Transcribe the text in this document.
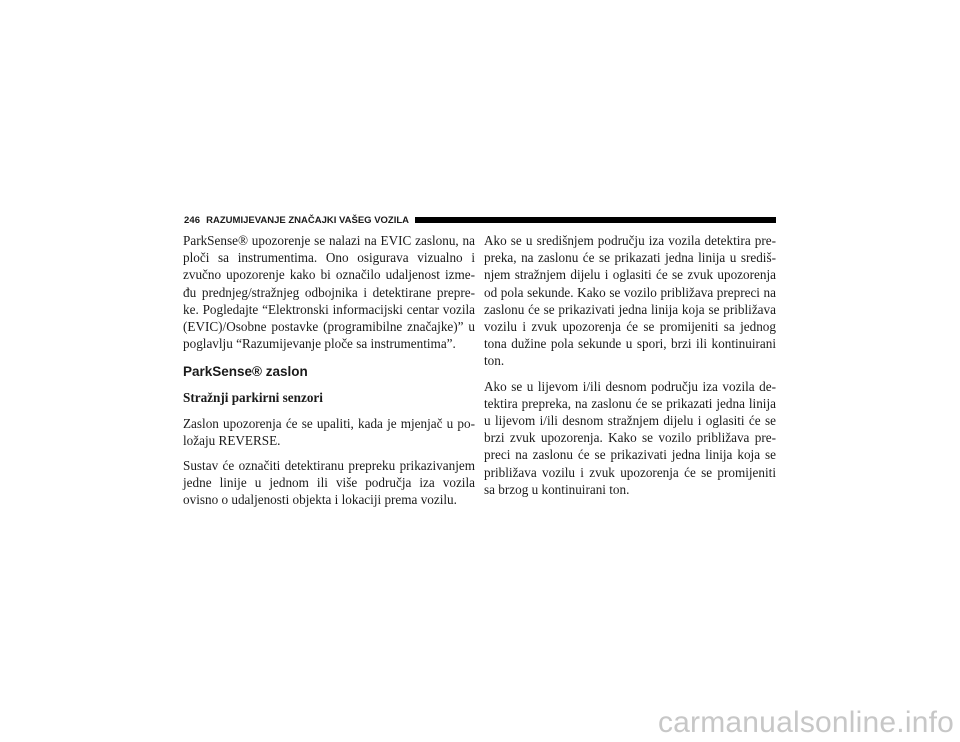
246 RAZUMIJEVANJE ZNAČAJKI VAŠEG VOZILA

ParkSense® upozorenje se nalazi na EVIC zaslonu, na ploči sa instrumentima. Ono osigurava vizualno i zvučno upozorenje kako bi označilo udaljenost izme-đu prednjeg/stražnjeg odbojnika i detektirane prepre-ke. Pogledajte “Elektronski informacijski centar vozila (EVIC)/Osobne postavke (programibilne značajke)” u poglavlju “Razumijevanje ploče sa instrumentima”.

ParkSense® zaslon
Stražnji parkirni senzori

Zaslon upozorenja će se upaliti, kada je mjenjač u po-ložaju REVERSE.

Sustav će označiti detektiranu prepreku prikazivanjem jedne linije u jednom ili više područja iza vozila ovisno o udaljenosti objekta i lokaciji prema vozilu.

Ako se u središnjem području iza vozila detektira pre-preka, na zaslonu će se prikazati jedna linija u središ-njem stražnjem dijelu i oglasiti će se zvuk upozorenja od pola sekunde. Kako se vozilo približava prepreci na zaslonu će se prikazivati jedna linija koja se približava vozilu i zvuk upozorenja će se promijeniti sa jednog tona dužine pola sekunde u spori, brzi ili kontinuirani ton.

Ako se u lijevom i/ili desnom području iza vozila de-tektira prepreka, na zaslonu će se prikazati jedna linija u lijevom i/ili desnom stražnjem dijelu i oglasiti će se brzi zvuk upozorenja. Kako se vozilo približava pre-preci na zaslonu će se prikazivati jedna linija koja se približava vozilu i zvuk upozorenja će se promijeniti sa brzog u kontinuirani ton.

carmanualsonline.info
